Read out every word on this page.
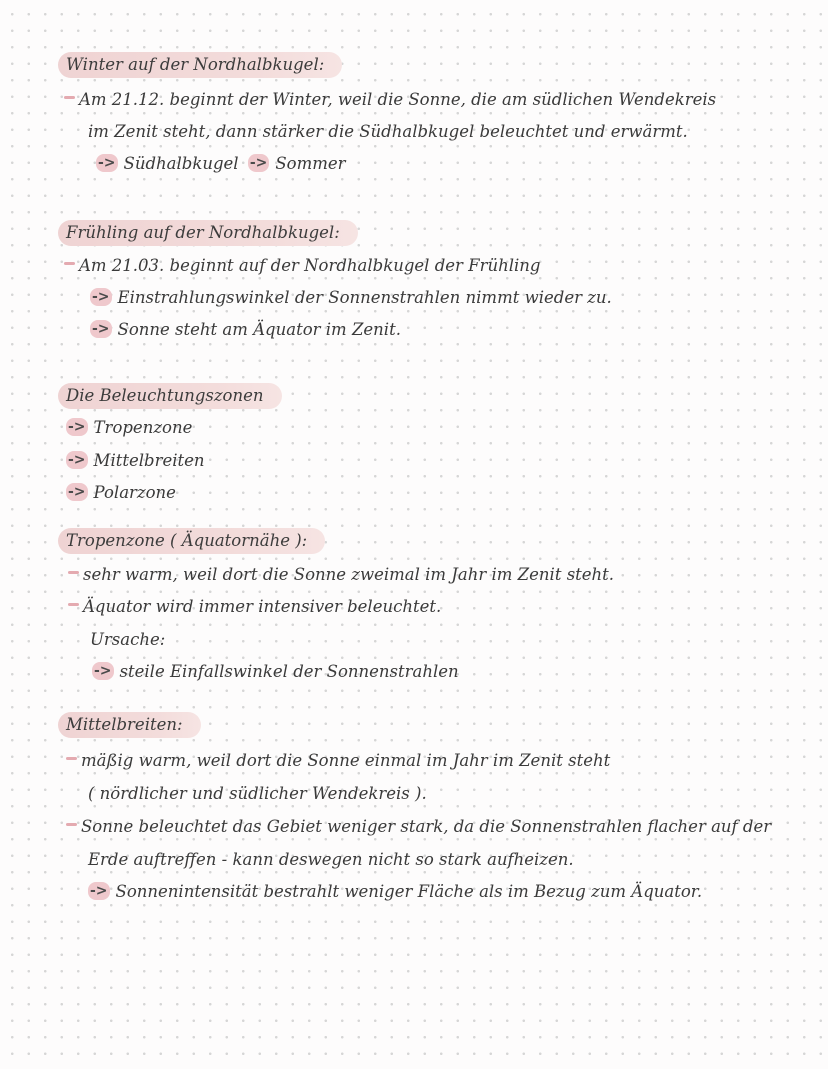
Winter auf der Nordhalbkugel:
Am 21.12. beginnt der Winter, weil die Sonne, die am südlichen Wendekreis
im Zenit steht, dann stärker die Südhalbkugel beleuchtet und erwärmt.
-> Südhalbkugel -> Sommer
Frühling auf der Nordhalbkugel:
Am 21.03. beginnt auf der Nordhalbkugel der Frühling
-> Einstrahlungswinkel der Sonnenstrahlen nimmt wieder zu.
-> Sonne steht am Äquator im Zenit.
Die Beleuchtungszonen
-> Tropenzone
-> Mittelbreiten
-> Polarzone
Tropenzone ( Äquatornähe ):
sehr warm, weil dort die Sonne zweimal im Jahr im Zenit steht.
Äquator wird immer intensiver beleuchtet.
Ursache:
-> steile Einfallswinkel der Sonnenstrahlen
Mittelbreiten:
mäßig warm, weil dort die Sonne einmal im Jahr im Zenit steht
( nördlicher und südlicher Wendekreis ).
Sonne beleuchtet das Gebiet weniger stark, da die Sonnenstrahlen flacher auf der
Erde auftreffen - kann deswegen nicht so stark aufheizen.
-> Sonnenintensität bestrahlt weniger Fläche als im Bezug zum Äquator.
